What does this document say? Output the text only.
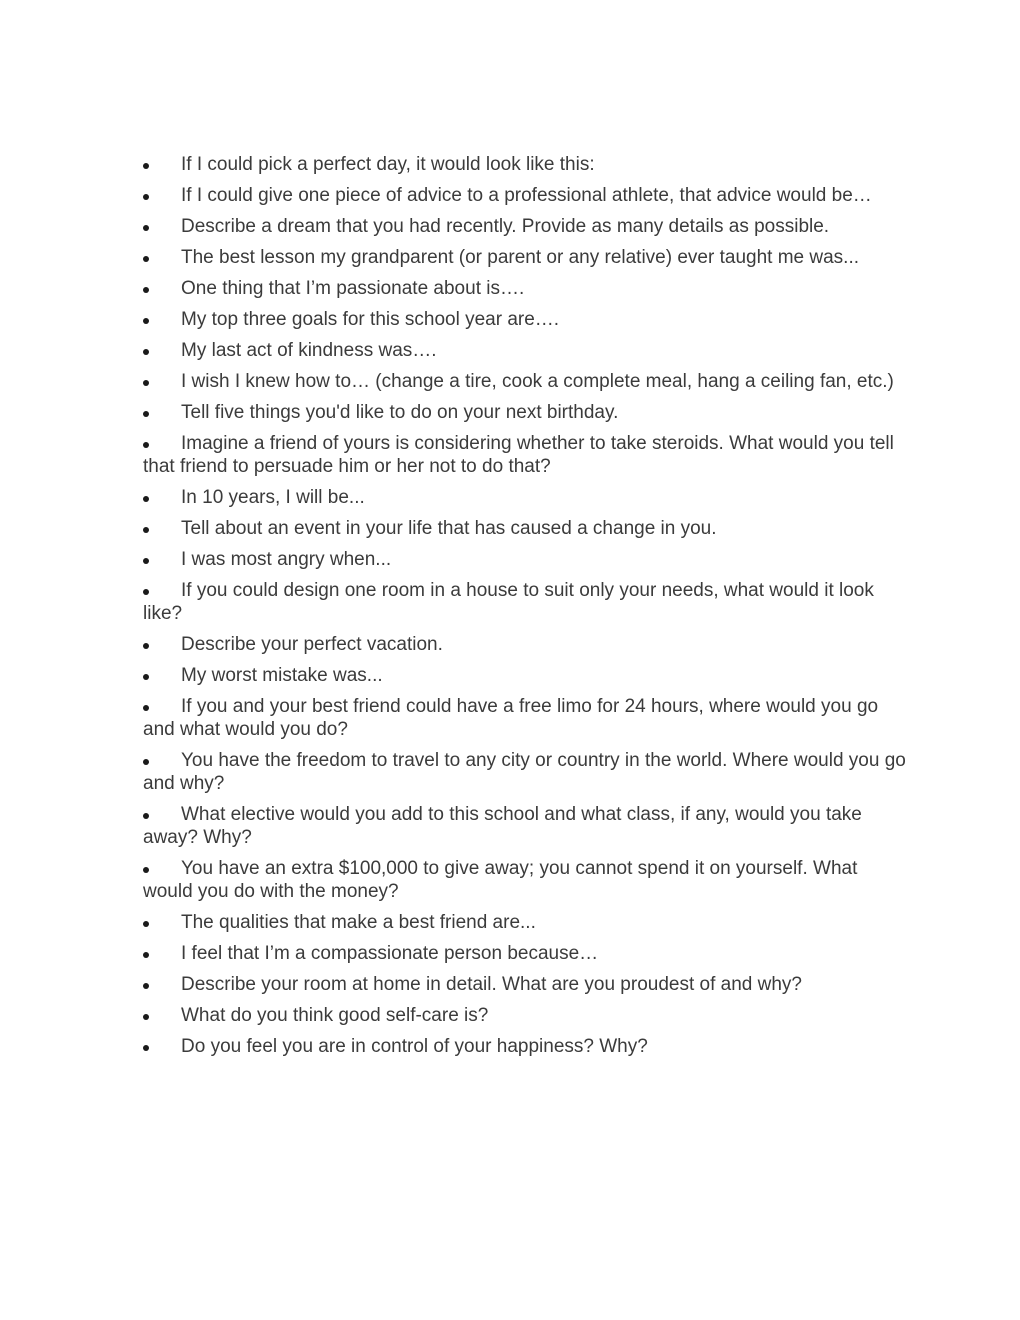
If I could pick a perfect day, it would look like this:
If I could give one piece of advice to a professional athlete, that advice would be…
Describe a dream that you had recently. Provide as many details as possible.
The best lesson my grandparent (or parent or any relative) ever taught me was...
One thing that I’m passionate about is….
My top three goals for this school year are….
My last act of kindness was….
I wish I knew how to… (change a tire, cook a complete meal, hang a ceiling fan, etc.)
Tell five things you'd like to do on your next birthday.
Imagine a friend of yours is considering whether to take steroids. What would you tell that friend to persuade him or her not to do that?
In 10 years, I will be...
Tell about an event in your life that has caused a change in you.
I was most angry when...
If you could design one room in a house to suit only your needs, what would it look like?
Describe your perfect vacation.
My worst mistake was...
If you and your best friend could have a free limo for 24 hours, where would you go and what would you do?
You have the freedom to travel to any city or country in the world. Where would you go and why?
What elective would you add to this school and what class, if any, would you take away? Why?
You have an extra $100,000 to give away; you cannot spend it on yourself. What would you do with the money?
The qualities that make a best friend are...
I feel that I’m a compassionate person because…
Describe your room at home in detail. What are you proudest of and why?
What do you think good self-care is?
Do you feel you are in control of your happiness? Why?
